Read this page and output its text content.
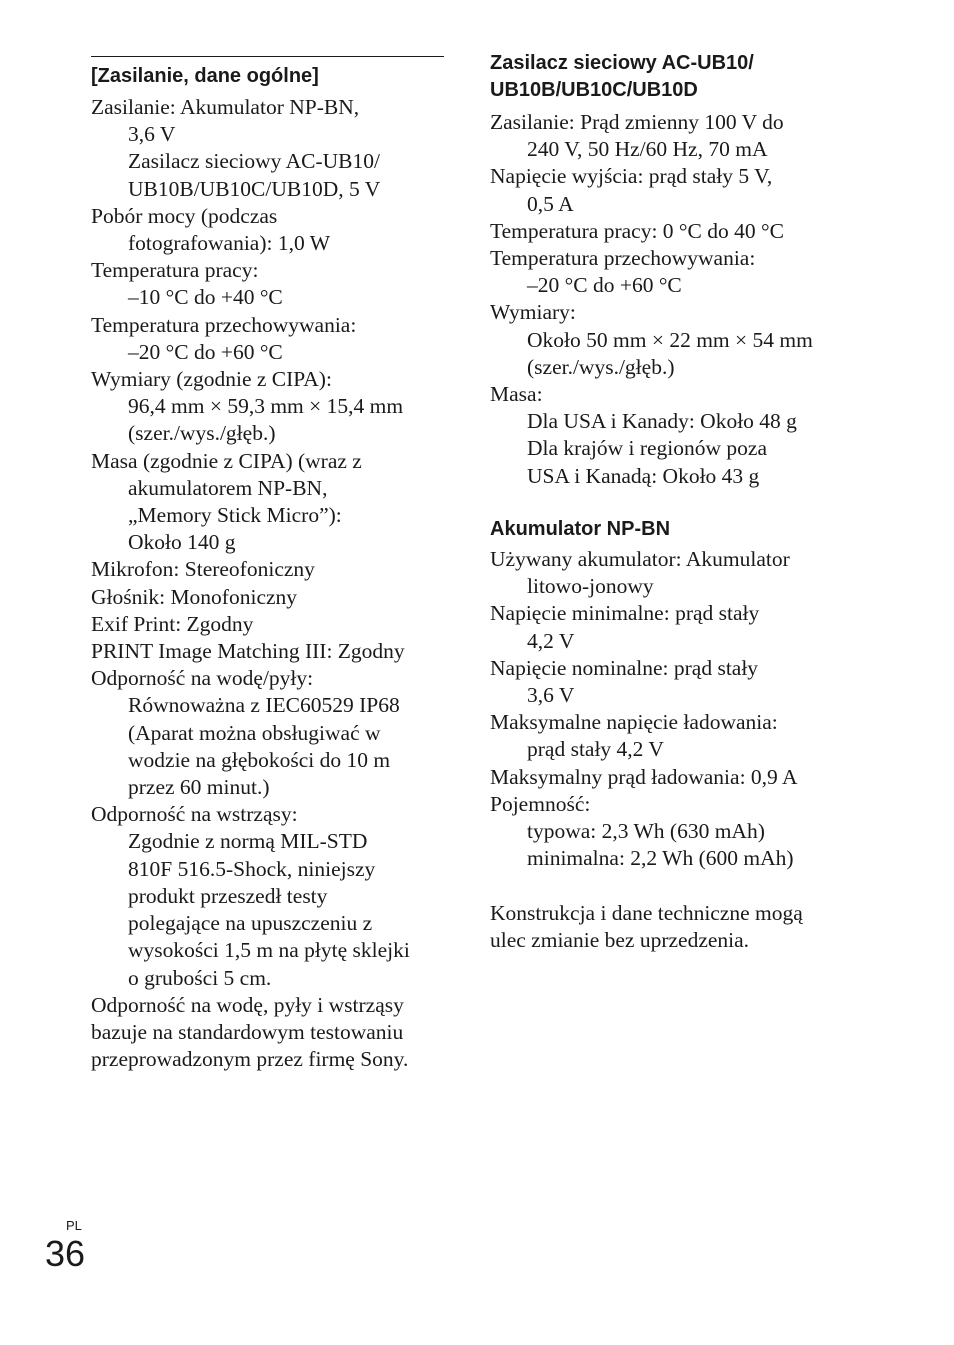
[Zasilanie, dane ogólne]
Zasilanie: Akumulator NP-BN,
3,6 V
Zasilacz sieciowy AC-UB10/
UB10B/UB10C/UB10D, 5 V
Pobór mocy (podczas
fotografowania): 1,0 W
Temperatura pracy:
–10 °C do +40 °C
Temperatura przechowywania:
–20 °C do +60 °C
Wymiary (zgodnie z CIPA):
96,4 mm × 59,3 mm × 15,4 mm
(szer./wys./głęb.)
Masa (zgodnie z CIPA) (wraz z
akumulatorem NP-BN,
„Memory Stick Micro”):
Około 140 g
Mikrofon: Stereofoniczny
Głośnik: Monofoniczny
Exif Print: Zgodny
PRINT Image Matching III: Zgodny
Odporność na wodę/pyły:
Równoważna z IEC60529 IP68
(Aparat można obsługiwać w
wodzie na głębokości do 10 m
przez 60 minut.)
Odporność na wstrząsy:
Zgodnie z normą MIL-STD
810F 516.5-Shock, niniejszy
produkt przeszedł testy
polegające na upuszczeniu z
wysokości 1,5 m na płytę sklejki
o grubości 5 cm.
Odporność na wodę, pyły i wstrząsy
bazuje na standardowym testowaniu
przeprowadzonym przez firmę Sony.
Zasilacz sieciowy AC-UB10/
UB10B/UB10C/UB10D
Zasilanie: Prąd zmienny 100 V do
240 V, 50 Hz/60 Hz, 70 mA
Napięcie wyjścia: prąd stały 5 V,
0,5 A
Temperatura pracy: 0 °C do 40 °C
Temperatura przechowywania:
–20 °C do +60 °C
Wymiary:
Około 50 mm × 22 mm × 54 mm
(szer./wys./głęb.)
Masa:
Dla USA i Kanady: Około 48 g
Dla krajów i regionów poza
USA i Kanadą: Około 43 g
Akumulator NP-BN
Używany akumulator: Akumulator
litowo-jonowy
Napięcie minimalne: prąd stały
4,2 V
Napięcie nominalne: prąd stały
3,6 V
Maksymalne napięcie ładowania:
prąd stały 4,2 V
Maksymalny prąd ładowania: 0,9 A
Pojemność:
typowa: 2,3 Wh (630 mAh)
minimalna: 2,2 Wh (600 mAh)
Konstrukcja i dane techniczne mogą
ulec zmianie bez uprzedzenia.
PL
36
